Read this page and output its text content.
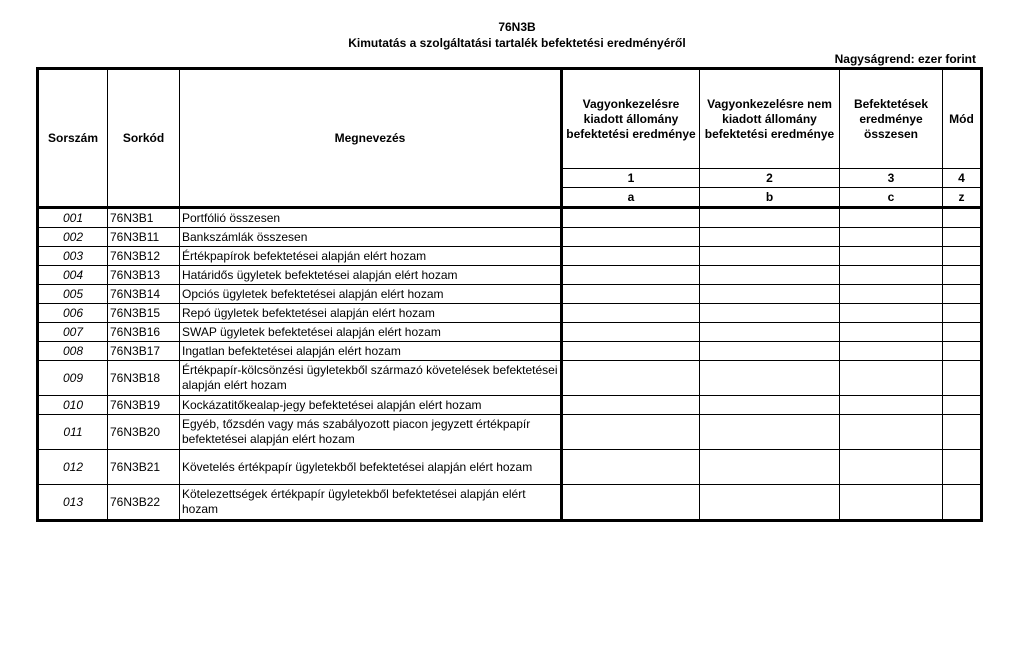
76N3B
Kimutatás a szolgáltatási tartalék befektetési eredményéről
Nagyságrend: ezer forint
Sorszám	Sorkód	Megnevezés	Vagyonkezelésre kiadott állomány befektetési eredménye	Vagyonkezelésre nem kiadott állomány befektetési eredménye	Befektetések eredménye összesen	Mód
			1	2	3	4
			a	b	c	z
001	76N3B1	Portfólió összesen				
002	76N3B11	Bankszámlák összesen				
003	76N3B12	Értékpapírok befektetései alapján elért hozam				
004	76N3B13	Határidős ügyletek befektetései alapján elért hozam				
005	76N3B14	Opciós ügyletek befektetései alapján elért hozam				
006	76N3B15	Repó ügyletek befektetései alapján elért hozam				
007	76N3B16	SWAP ügyletek befektetései alapján elért hozam				
008	76N3B17	Ingatlan befektetései alapján elért hozam				
009	76N3B18	Értékpapír-kölcsönzési ügyletekből származó követelések befektetései alapján elért hozam				
010	76N3B19	Kockázatitőkealap-jegy befektetései alapján elért hozam				
011	76N3B20	Egyéb, tőzsdén vagy más szabályozott piacon jegyzett értékpapír befektetései alapján elért hozam				
012	76N3B21	Követelés értékpapír ügyletekből befektetései alapján elért hozam				
013	76N3B22	Kötelezettségek értékpapír ügyletekből befektetései alapján elért hozam				
